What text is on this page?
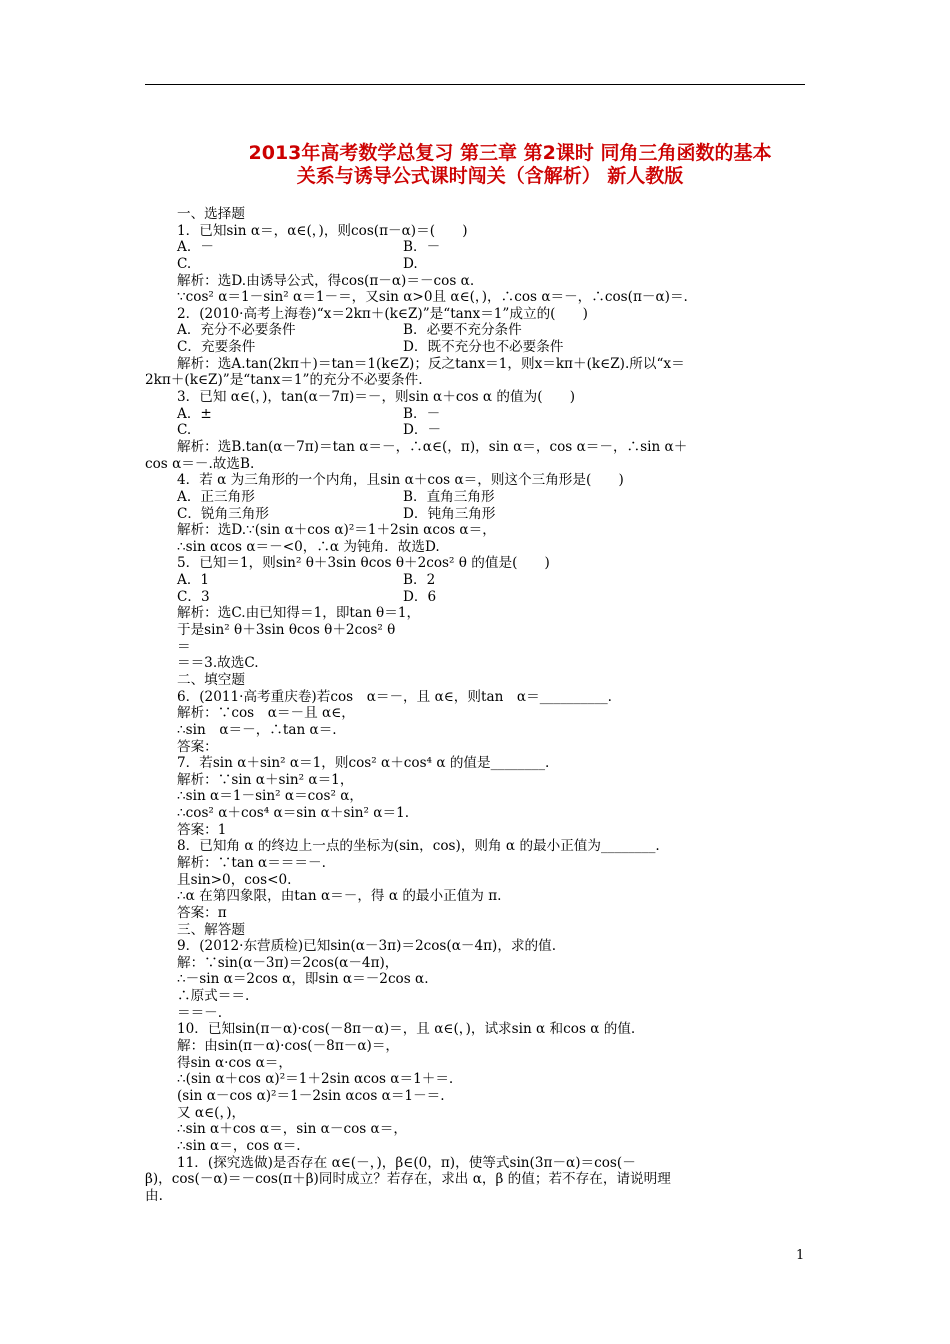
2013年高考数学总复习 第三章 第2课时 同角三角函数的基本
关系与诱导公式课时闯关（含解析） 新人教版
一、选择题
1．已知sin α＝，α∈(，)，则cos(π－α)＝(　　)
A．－	B．－
C.	D.
解析：选D.由诱导公式，得cos(π－α)＝－cos α.
∵cos² α＝1－sin² α＝1－＝，又sin α>0且 α∈(，)，∴cos α＝－，∴cos(π－α)＝.
2．(2010·高考上海卷)“x＝2kπ＋(k∈Z)”是“tanx＝1”成立的(　　)
A．充分不必要条件	B．必要不充分条件
C．充要条件	D．既不充分也不必要条件
解析：选A.tan(2kπ＋)＝tan＝1(k∈Z)；反之tanx＝1，则x＝kπ＋(k∈Z).所以“x＝
2kπ＋(k∈Z)”是“tanx＝1”的充分不必要条件.
3．已知 α∈(，)，tan(α－7π)＝－，则sin α＋cos α 的值为(　　)
A．±	B．－
C.	D．－
解析：选B.tan(α－7π)＝tan α＝－，∴α∈(，π)，sin α＝，cos α＝－，∴sin α＋
cos α＝－.故选B.
4．若 α 为三角形的一个内角，且sin α＋cos α＝，则这个三角形是(　　)
A．正三角形	B．直角三角形
C．锐角三角形	D．钝角三角形
解析：选D.∵(sin α＋cos α)²＝1＋2sin αcos α＝，
∴sin αcos α＝－<0，∴α 为钝角．故选D.
5．已知＝1，则sin² θ＋3sin θcos θ＋2cos² θ 的值是(　　)
A．1	B．2
C．3	D．6
解析：选C.由已知得＝1，即tan θ＝1，
于是sin² θ＋3sin θcos θ＋2cos² θ
＝
＝＝3.故选C.
二、填空题
6．(2011·高考重庆卷)若cos　α＝－，且 α∈，则tan　α＝__________.
解析：∵cos　α＝－且 α∈，
∴sin　α＝－，∴tan α＝.
答案：
7．若sin α＋sin² α＝1，则cos² α＋cos⁴ α 的值是________.
解析：∵sin α＋sin² α＝1，
∴sin α＝1－sin² α＝cos² α，
∴cos² α＋cos⁴ α＝sin α＋sin² α＝1.
答案：1
8．已知角 α 的终边上一点的坐标为(sin，cos)，则角 α 的最小正值为________.
解析：∵tan α＝＝＝－.
且sin>0，cos<0.
∴α 在第四象限，由tan α＝－，得 α 的最小正值为 π.
答案：π
三、解答题
9．(2012·东营质检)已知sin(α－3π)＝2cos(α－4π)，求的值.
解：∵sin(α－3π)＝2cos(α－4π)，
∴－sin α＝2cos α，即sin α＝－2cos α.
∴原式＝＝.
＝＝－.
10．已知sin(π－α)·cos(－8π－α)＝，且 α∈(，)，试求sin α 和cos α 的值.
解：由sin(π－α)·cos(－8π－α)＝，
得sin α·cos α＝，
∴(sin α＋cos α)²＝1＋2sin αcos α＝1＋＝.
(sin α－cos α)²＝1－2sin αcos α＝1－＝.
又 α∈(，)，
∴sin α＋cos α＝，sin α－cos α＝，
∴sin α＝，cos α＝.
11．(探究选做)是否存在 α∈(－，)，β∈(0，π)，使等式sin(3π－α)＝cos(－
β)，cos(－α)＝－cos(π＋β)同时成立？若存在，求出 α，β 的值；若不存在，请说明理
由.
1
